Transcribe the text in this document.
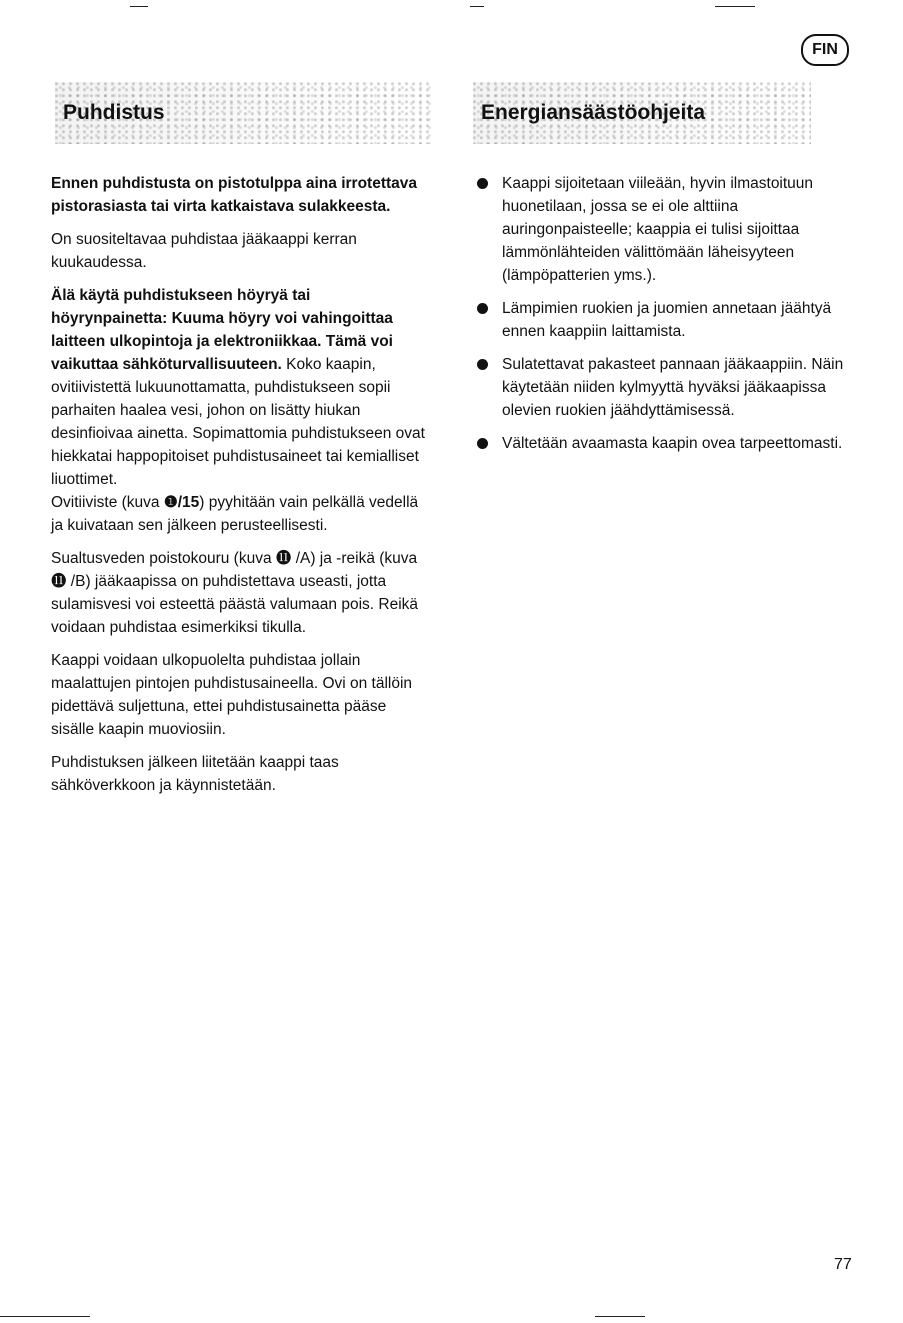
FIN
Puhdistus	Energiansäästöohjeita

Ennen puhdistusta on pistotulppa aina irrotettava pistorasiasta tai virta katkaistava sulakkeesta.

On suositeltavaa puhdistaa jääkaappi kerran kuukaudessa.

Älä käytä puhdistukseen höyryä tai höyrynpainetta: Kuuma höyry voi vahingoittaa laitteen ulkopintoja ja elektroniikkaa. Tämä voi vaikuttaa sähköturvallisuuteen. Koko kaapin, ovitiivistettä lukuunottamatta, puhdistukseen sopii parhaiten haalea vesi, johon on lisätty hiukan desinfioivaa ainetta. Sopimattomia puhdistukseen ovat hiekkatai happopitoiset puhdistusaineet tai kemialliset liuottimet.
Ovitiiviste (kuva ❶/15) pyyhitään vain pelkällä vedellä ja kuivataan sen jälkeen perusteellisesti.

Sualtusveden poistokouru (kuva ⓫ /A) ja -reikä (kuva ⓫ /B) jääkaapissa on puhdistettava useasti, jotta sulamisvesi voi esteettä päästä valumaan pois. Reikä voidaan puhdistaa esimerkiksi tikulla.

Kaappi voidaan ulkopuolelta puhdistaa jollain maalattujen pintojen puhdistusaineella. Ovi on tällöin pidettävä suljettuna, ettei puhdistusainetta pääse sisälle kaapin muoviosiin.

Puhdistuksen jälkeen liitetään kaappi taas sähköverkkoon ja käynnistetään.

Kaappi sijoitetaan viileään, hyvin ilmastoituun huonetilaan, jossa se ei ole alttiina auringonpaisteelle; kaappia ei tulisi sijoittaa lämmönlähteiden välittömään läheisyyteen (lämpöpatterien yms.).
Lämpimien ruokien ja juomien annetaan jäähtyä ennen kaappiin laittamista.
Sulatettavat pakasteet pannaan jääkaappiin. Näin käytetään niiden kylmyyttä hyväksi jääkaapissa olevien ruokien jäähdyttämisessä.
Vältetään avaamasta kaapin ovea tarpeettomasti.
77
